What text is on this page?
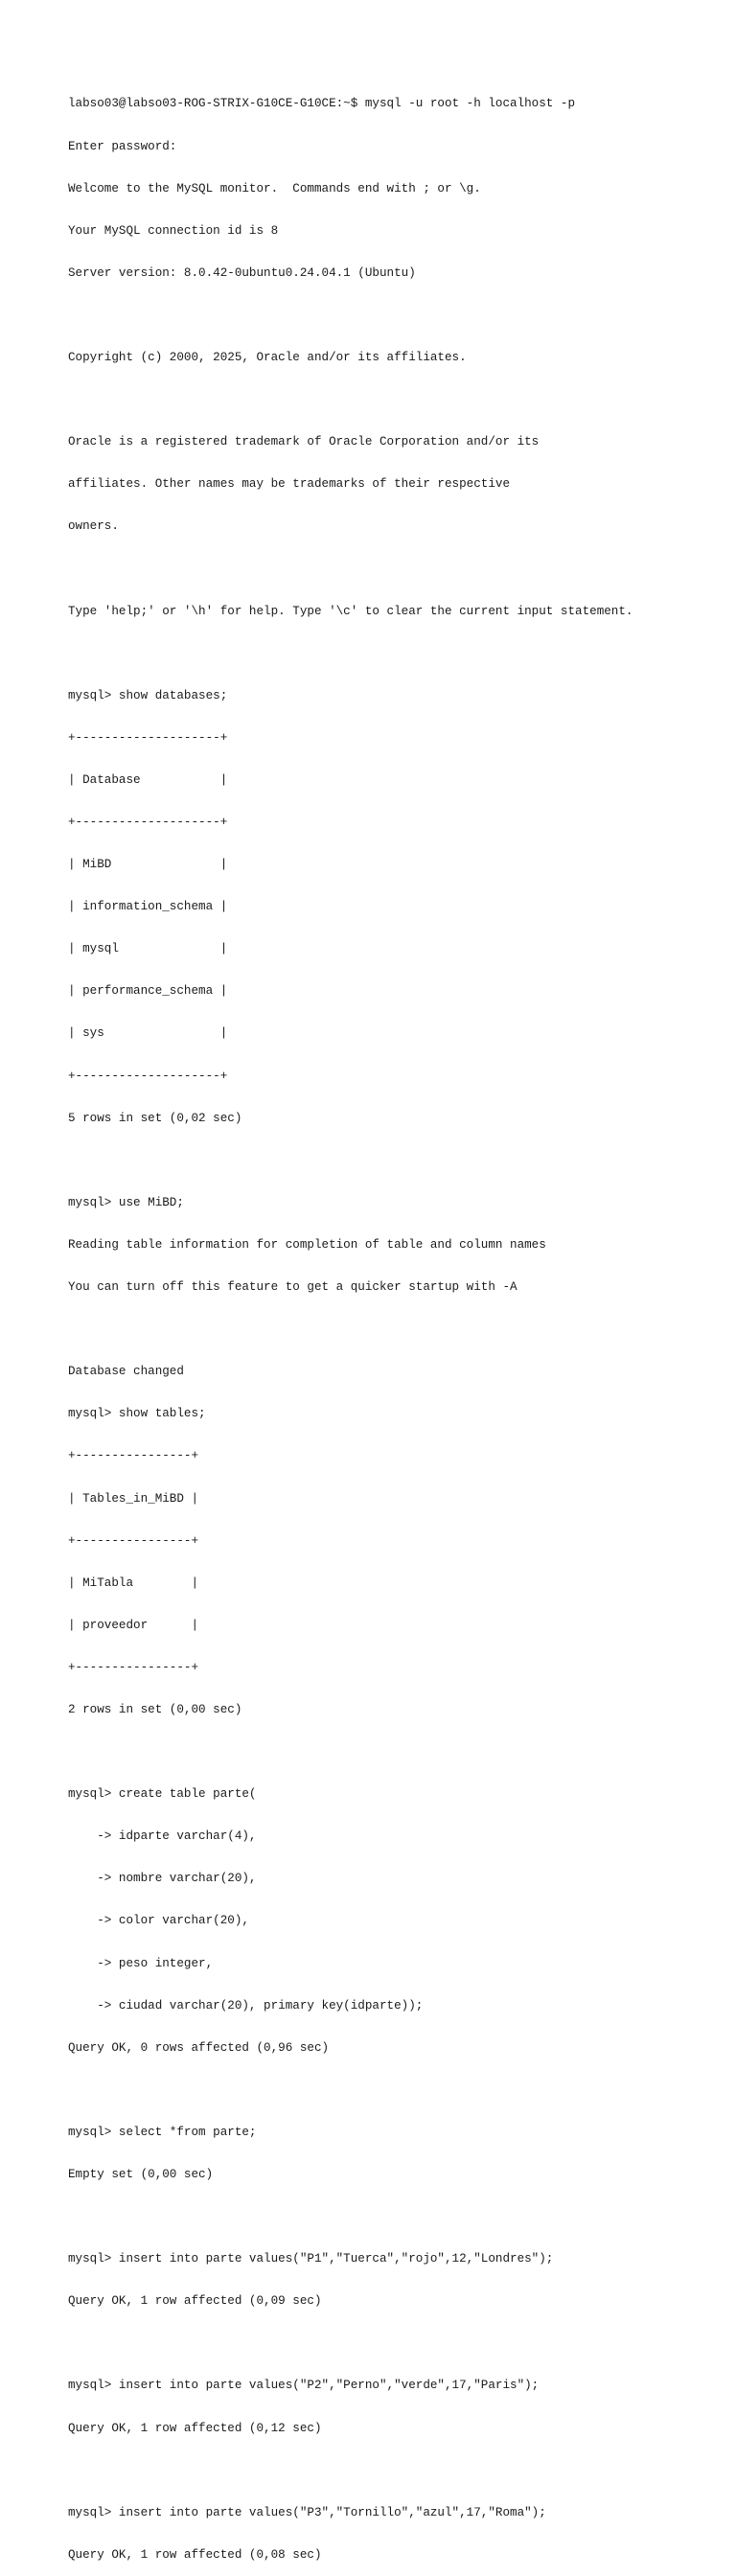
labso03@labso03-ROG-STRIX-G10CE-G10CE:~$ mysql -u root -h localhost -p

Enter password:

Welcome to the MySQL monitor.  Commands end with ; or \g.

Your MySQL connection id is 8

Server version: 8.0.42-0ubuntu0.24.04.1 (Ubuntu)

Copyright (c) 2000, 2025, Oracle and/or its affiliates.

Oracle is a registered trademark of Oracle Corporation and/or its

affiliates. Other names may be trademarks of their respective

owners.

Type 'help;' or '\h' for help. Type '\c' to clear the current input statement.

mysql> show databases;

+--------------------+

| Database           |

+--------------------+

| MiBD               |

| information_schema |

| mysql              |

| performance_schema |

| sys                |

+--------------------+

5 rows in set (0,02 sec)

mysql> use MiBD;

Reading table information for completion of table and column names

You can turn off this feature to get a quicker startup with -A

Database changed

mysql> show tables;

+----------------+

| Tables_in_MiBD |

+----------------+

| MiTabla        |

| proveedor      |

+----------------+

2 rows in set (0,00 sec)

mysql> create table parte(

-> idparte varchar(4),

-> nombre varchar(20),

-> color varchar(20),

-> peso integer,

-> ciudad varchar(20), primary key(idparte));

Query OK, 0 rows affected (0,96 sec)

mysql> select *from parte;

Empty set (0,00 sec)

mysql> insert into parte values("P1","Tuerca","rojo",12,"Londres");

Query OK, 1 row affected (0,09 sec)

mysql> insert into parte values("P2","Perno","verde",17,"Paris");

Query OK, 1 row affected (0,12 sec)

mysql> insert into parte values("P3","Tornillo","azul",17,"Roma");

Query OK, 1 row affected (0,08 sec)
